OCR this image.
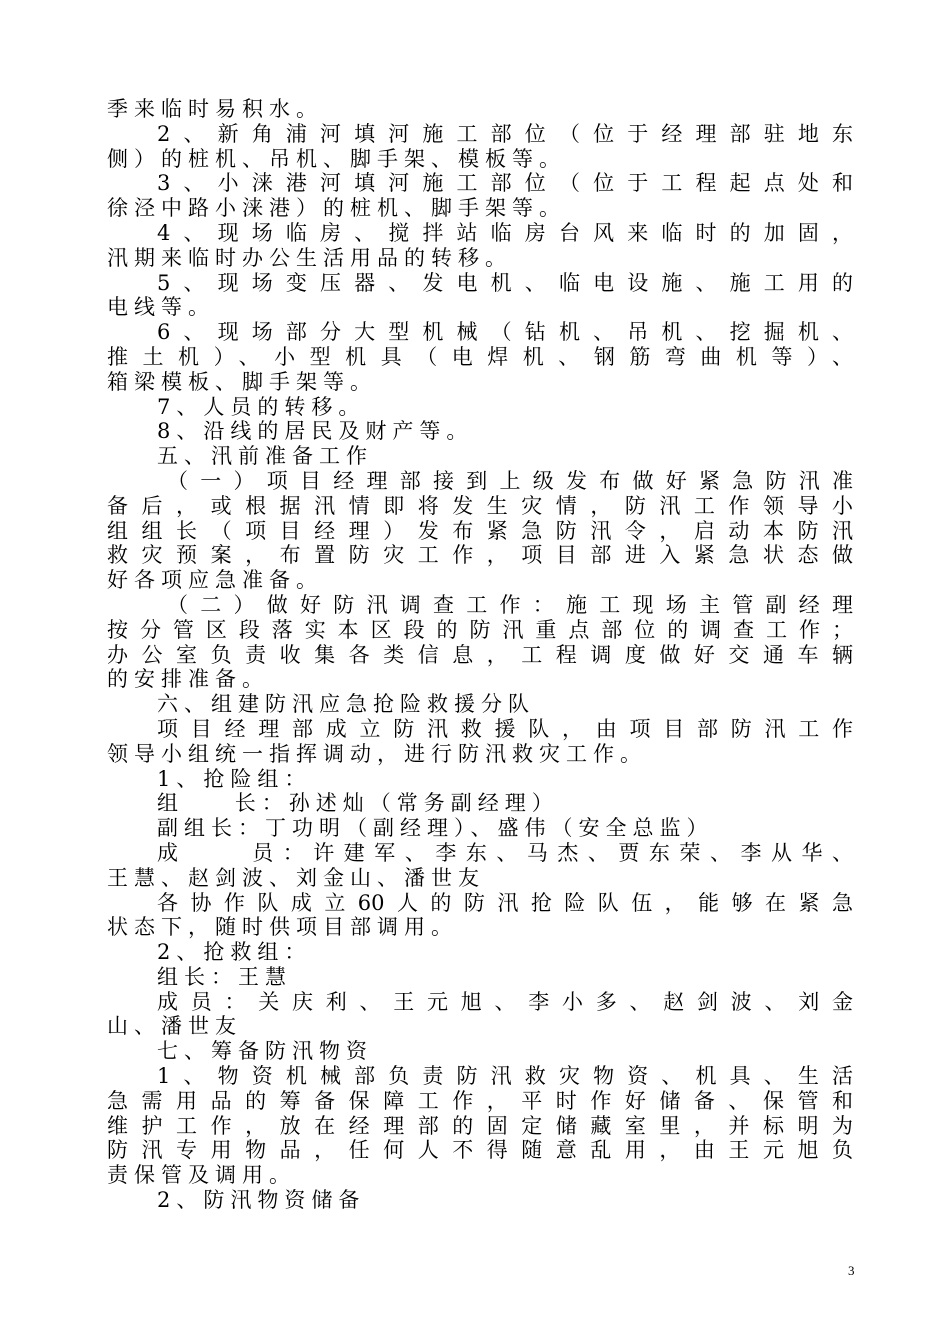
季来临时易积水。
2、新角浦河填河施工部位（位于经理部驻地东
侧）的桩机、吊机、脚手架、模板等。
3、小涞港河填河施工部位（位于工程起点处和
徐泾中路小涞港）的桩机、脚手架等。
4、现场临房、搅拌站临房台风来临时的加固，
汛期来临时办公生活用品的转移。
5、现场变压器、发电机、临电设施、施工用的
电线等。
6、现场部分大型机械（钻机、吊机、挖掘机、
推土机）、小型机具（电焊机、钢筋弯曲机等）、
箱梁模板、脚手架等。
7、人员的转移。
8、沿线的居民及财产等。
五、汛前准备工作
（一）项目经理部接到上级发布做好紧急防汛准
备后，或根据汛情即将发生灾情，防汛工作领导小
组组长（项目经理）发布紧急防汛令，启动本防汛
救灾预案，布置防灾工作，项目部进入紧急状态做
好各项应急准备。
（二）做好防汛调查工作：施工现场主管副经理
按分管区段落实本区段的防汛重点部位的调查工作；
办公室负责收集各类信息，工程调度做好交通车辆
的安排准备。
六、组建防汛应急抢险救援分队
项目经理部成立防汛救援队，由项目部防汛工作
领导小组统一指挥调动，进行防汛救灾工作。
1、抢险组：
组    长：孙述灿（常务副经理）
副组长：丁功明（副经理）、盛伟（安全总监）
成    员：许建军、李东、马杰、贾东荣、李从华、
王慧、赵剑波、刘金山、潘世友
各协作队成立60人的防汛抢险队伍，能够在紧急
状态下，随时供项目部调用。
2、抢救组：
组长：王慧
成员：关庆利、王元旭、李小多、赵剑波、刘金
山、潘世友
七、筹备防汛物资
1、物资机械部负责防汛救灾物资、机具、生活
急需用品的筹备保障工作，平时作好储备、保管和
维护工作，放在经理部的固定储藏室里，并标明为
防汛专用物品，任何人不得随意乱用，由王元旭负
责保管及调用。
2、防汛物资储备
3
